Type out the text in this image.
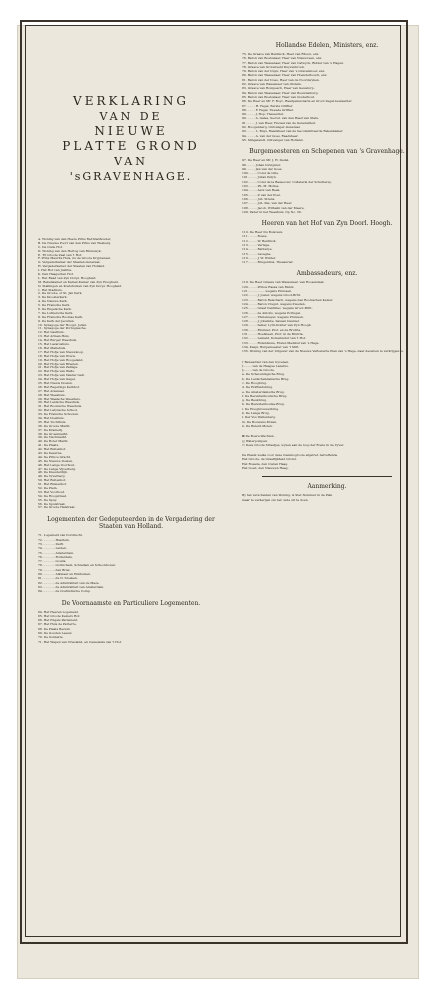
VERKLARING
VAN DE
NIEUWE
PLATTE GROND
VAN
'sGRAVENHAGE.
A. Woning van den Heere Prins Ref-Stadhouder,
B. De Nieuwe Poort van den Prins van Wesberg.
C. De Oude Hof.
D. Woning van den Hertog van Brunswyk.
E. 'Et Groote Zaal van 't Hof.
F. Prins Maurits Huis, nu de Groote Kryptenaal.
G. Vergaderkamer der Staaten-Generaal.
H. Vergaderkamer der Staaten van Holland.
I. Het Hof van Justitie.
K. Den Haagschen Hof.
L. Het Raad van Zyn Dorpl. Hoogheid.
M. Rekenkamer en Kamer-Kamer van Zyn Hoogheid.
N. Stallingen en Koetshuizen van Zyn Dorpl. Hoogheid.
1. Het Stadhuis.
2. De Groote, of St. Jan Kerk.
3. De Kloosterkerk.
4. De Nieuwe Kerk.
5. De Fransche Kerk.
6. De Engelsche Kerk.
7. De Luthersche Kerk.
8. De Fransche Roomse Kerk.
9. De Kerk der Jezuiten.
10. Synagoge der Hoogd. Joden.
11. Synagoge der Portugiesche.
12. Het Gasthuis.
13. Het Armen-Huis.
14. Het Burger Weeshuis.
15. Het Lazarushuis.
16. Het Mallehuis.
17. Het Hofje van Nieuwkoop.
18. Het Hofje van Wouw.
19. Het Hofje van Hoogeland.
20. Het Hofje van Brienen.
21. Het Hofje van Zalinge.
22. Het Hofje van Wells.
23. Het Hofje van Vander Gall.
24. Het Hofje van Gagel.
25. Het Nieuw Doelen.
26. Het Regerings Kerkhof.
27. Het Arsenaal.
28. Het Weeshuis.
29. Het Waalsche Weeshuis.
30. Het Leidsche Weeshuis.
31. Het Roomsche Weeshuis.
32. Het Latynsche School.
33. De Fransche Schoolen.
34. Het Doelhuis.
35. Het Tuchthuis.
36. De Groote Markt.
37. De Kramerij.
38. De Groenmarkt.
39. De Vischmarkt.
40. De Boter Markt.
41. De Plaats.
42. Het Buitenhof.
43. De Kazerne.
44. De Prince Gracht.
45. De Nieuwe Doelen.
46. Het Lange Voorhout.
47. De Lange Vijverberg.
48. De Kneuterdijk.
49. De Vyverberg.
50. Het Buitenhof.
51. Het Binnenhof.
52. De Plein.
53. Het Voorhout.
54. De Hoogstraat.
55. De Spuy.
56. De Spuistraat.
57. De Groote Halstraat.
Logementen der Gedeputeerden in de Vergadering der Staaten van Holland.
71. Logement van Dordrecht.
72. - - - - - - Haarlem.
73. - - - - - - Delft.
74. - - - - - - Leiden.
75. - - - - - - Amsterdam.
76. - - - - - - Rotterdam.
77. - - - - - - Gouda.
78. - - - - - - Gorinchem, Schiedam en Schoonhoven.
79. - - - - - - den Briel.
80. - - - - - - Alkmaar en Enkhuizen.
81. - - - - - - de N. Stoeken.
82. - - - - - - de Admiraliteit van de Maze.
83. - - - - - - de Admiraliteit van Amsterdam.
84. - - - - - - de Oostindische Comp.
De Voornaamste en Particuliere Logementen.
64. Het Heeren Logement.
65. Het Groote Keizers Hof.
66. Het Engels Parlement.
67. Het Huis de Parterre.
68. De Plaats Bezuid.
69. De Gouden Leeuw.
70. De Sonnette.
71. Het Wapen van Vriesland, en Casselanis van 't Hof.
Hollandse Edelen, Ministers, enz.
75. De Graave van Bentinck, Heer van Rhoon, enz.
76. Baron van Boetzelaer, Heer van Nieuwveen, enz.
77. Baron van Wassenaer, Heer van Catwyck, Ridder van 's Hagen.
78. Graave van Grotenveld Duyvenbrook.
79. Baron van der Duyn, Heer van 's Gravenmoer, enz.
80. Baron van Wassenaer, Heer van Hoenderbosch, enz.
81. Baron van der Does, Heer van de Noordwyken.
82. Graave van Wassenaer van Obdam.
83. Graave van Hompesch, Heer van Geusdorp.
84. Baron van Wassenaer, Heer van Bouwlenburg.
85. Baron van Boetzelaer, Heer van Oosterhout.
86. De Heer en Mr. F. Boyc, Raadpensionaris en Groot Zegel-bewaarder.
87. - - - - H. Fagel, Eerste Griffier.
88. - - - - F. Fagel, Tweede Griffier.
89. - - - - J. Hop, Thesaurier.
90. - - - - A. Gales, Secret. van den Raad van State.
91. - - - - J. van Heer, Fiscaal van de Generaliteit.
92. Hoogenberg, Ontvanger-Generaal.
93. - - - - L. Buys, Raadsheer van de Gecommitteerde Rekenkamer.
94. - - - - A. van der Goes, Raadsheer.
95. Slingelandt, Ontvanger van Holland.
Burgemeesteren en Schepenen van 's Gravenhage.
97. De Heer en Mr. J. H. Dedel.
98. - - - - Johan Duvignier.
99. - - - - Jan van der Goes.
100. - - - - Corel de Lille.
101. - - - - Johan Patyn.
102. - - - - Corel de la Bassecour, Collateral der Schutterey.
103. - - - - Ph. M. Molles.
104. - - - - Aers van Beek.
105. - - - - P. van der Poel.
106. - - - - Joh. Strens.
107. - - - - Joh. Pas, van der Heer.
108. - - - - Jacob, Wilhelm van der Meere.
109. Vader in het Weeshuis. Op No. 30.
Heeren van het Hof van Zyn Doorl. Hoogh.
110. De Heer Du Boisvaux.
111. - - - - Bosse.
112. - - - - W. Bentinck.
113. - - - - Vernige.
114. - - - - Barbarye.
115. - - - - Lavagne.
116. - - - - J. W. Winter.
117. - - - - Brugentius, Thesaurier.
Ambassadeurs, enz.
119. De Heer Graave van Wassenaer, van Roosendaal.
120. - - - - Prince Rassa van Rantz.
121. - - - - - - - - wegens Pruissen.
122. - - - - J. Joeler, wegens Groot-Britt.
123. - - - - Baron Reischach, wegens den Roomschen Keizer.
124. - - - - Baron Cregut, wegens Zweden.
125. - - - - Graaf Cantillac, wegens Groot-Britt.
126. - - - - de Antolis, wegens Portugal.
127. - - - - Thulemeyer, wegens Pruissen.
128. - - - - J. Jobaliste, Saxsen Desnier.
129. - - - - Seller, Lyrii-Dokter van Zyn Hoogh.
130. - - - - Bruinier, Prof. en de Brutria.
131. - - - - Hoefsteen, Prof. in de Brutria.
132. - - - - Lemant, Komenisdur van 't Hof.
133. - - - - Rutenhuize, Ereler-Medikul van 's Hage.
134. Kaspi, Burgemeester van 't Stift.
135. Woning van der Uitgever van de Nieuwe Verbeterde Plan van 's Hage, daar dezelven te verkrijgen is.
† Bewaarder van den Gyvenen.
‡ - - - - van de Haagse Lazarus.
§ - - - - van de Groote.
a. De Scheveningsche Brug.
b. De Leidschendamsche Brug.
c. De Hoogbrug.
d. De Hoffluidsbrug.
e. De Amsterdamsche Brug.
f. De Bezuidenhoutsche Brug.
g. De Beukbrug.
h. De Bezuidenhoutse-Brug.
i. De Hoogbrouwerbrug.
k. De Lange Brug.
l. Der Vos Wellenberg.
m. De Bouwens-Molen.
n. De Bulerd-Molen.
⊠ De Boere-Wachten.
◱ Waterpompen.
▭ Deze Groote Straatjes, wyzen aan de loop der Roete in de Vyver.
De Plaats welke voor deze Cassinogroote afgetref, betreffende
Het Groote, de Graaflijkheid Grond.
Het Rosade, den Ouden Haag.
Het Goed, den Nieuwen Haag.
Aanmerking.
By het verscheiden van Woning, is Ster-Nummer in de Plan
maar te verkerijen om het oude uit te doen.
